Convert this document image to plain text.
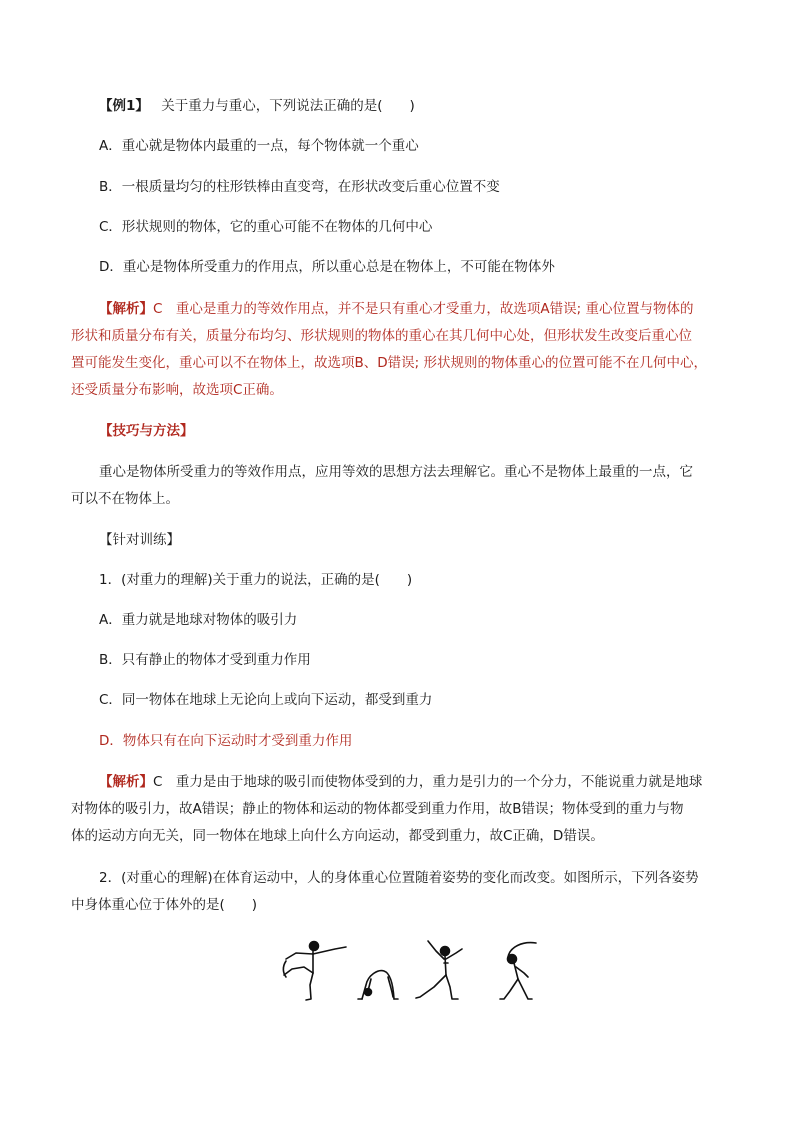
【例1】 关于重力与重心，下列说法正确的是(　　)
A．重心就是物体内最重的一点，每个物体就一个重心
B．一根质量均匀的柱形铁棒由直变弯，在形状改变后重心位置不变
C．形状规则的物体，它的重心可能不在物体的几何中心
D．重心是物体所受重力的作用点，所以重心总是在物体上，不可能在物体外
【解析】C　重心是重力的等效作用点，并不是只有重心才受重力，故选项A错误; 重心位置与物体的
形状和质量分布有关，质量分布均匀、形状规则的物体的重心在其几何中心处，但形状发生改变后重心位
置可能发生变化，重心可以不在物体上，故选项B、D错误; 形状规则的物体重心的位置可能不在几何中心，
还受质量分布影响，故选项C正确。
【技巧与方法】
重心是物体所受重力的等效作用点，应用等效的思想方法去理解它。重心不是物体上最重的一点，它
可以不在物体上。
【针对训练】
1．(对重力的理解)关于重力的说法，正确的是(　　)
A．重力就是地球对物体的吸引力
B．只有静止的物体才受到重力作用
C．同一物体在地球上无论向上或向下运动，都受到重力
D．物体只有在向下运动时才受到重力作用
【解析】C　重力是由于地球的吸引而使物体受到的力，重力是引力的一个分力，不能说重力就是地球
对物体的吸引力，故A错误；静止的物体和运动的物体都受到重力作用，故B错误；物体受到的重力与物
体的运动方向无关，同一物体在地球上向什么方向运动，都受到重力，故C正确，D错误。
2．(对重心的理解)在体育运动中，人的身体重心位置随着姿势的变化而改变。如图所示，下列各姿势
中身体重心位于体外的是(　　)
